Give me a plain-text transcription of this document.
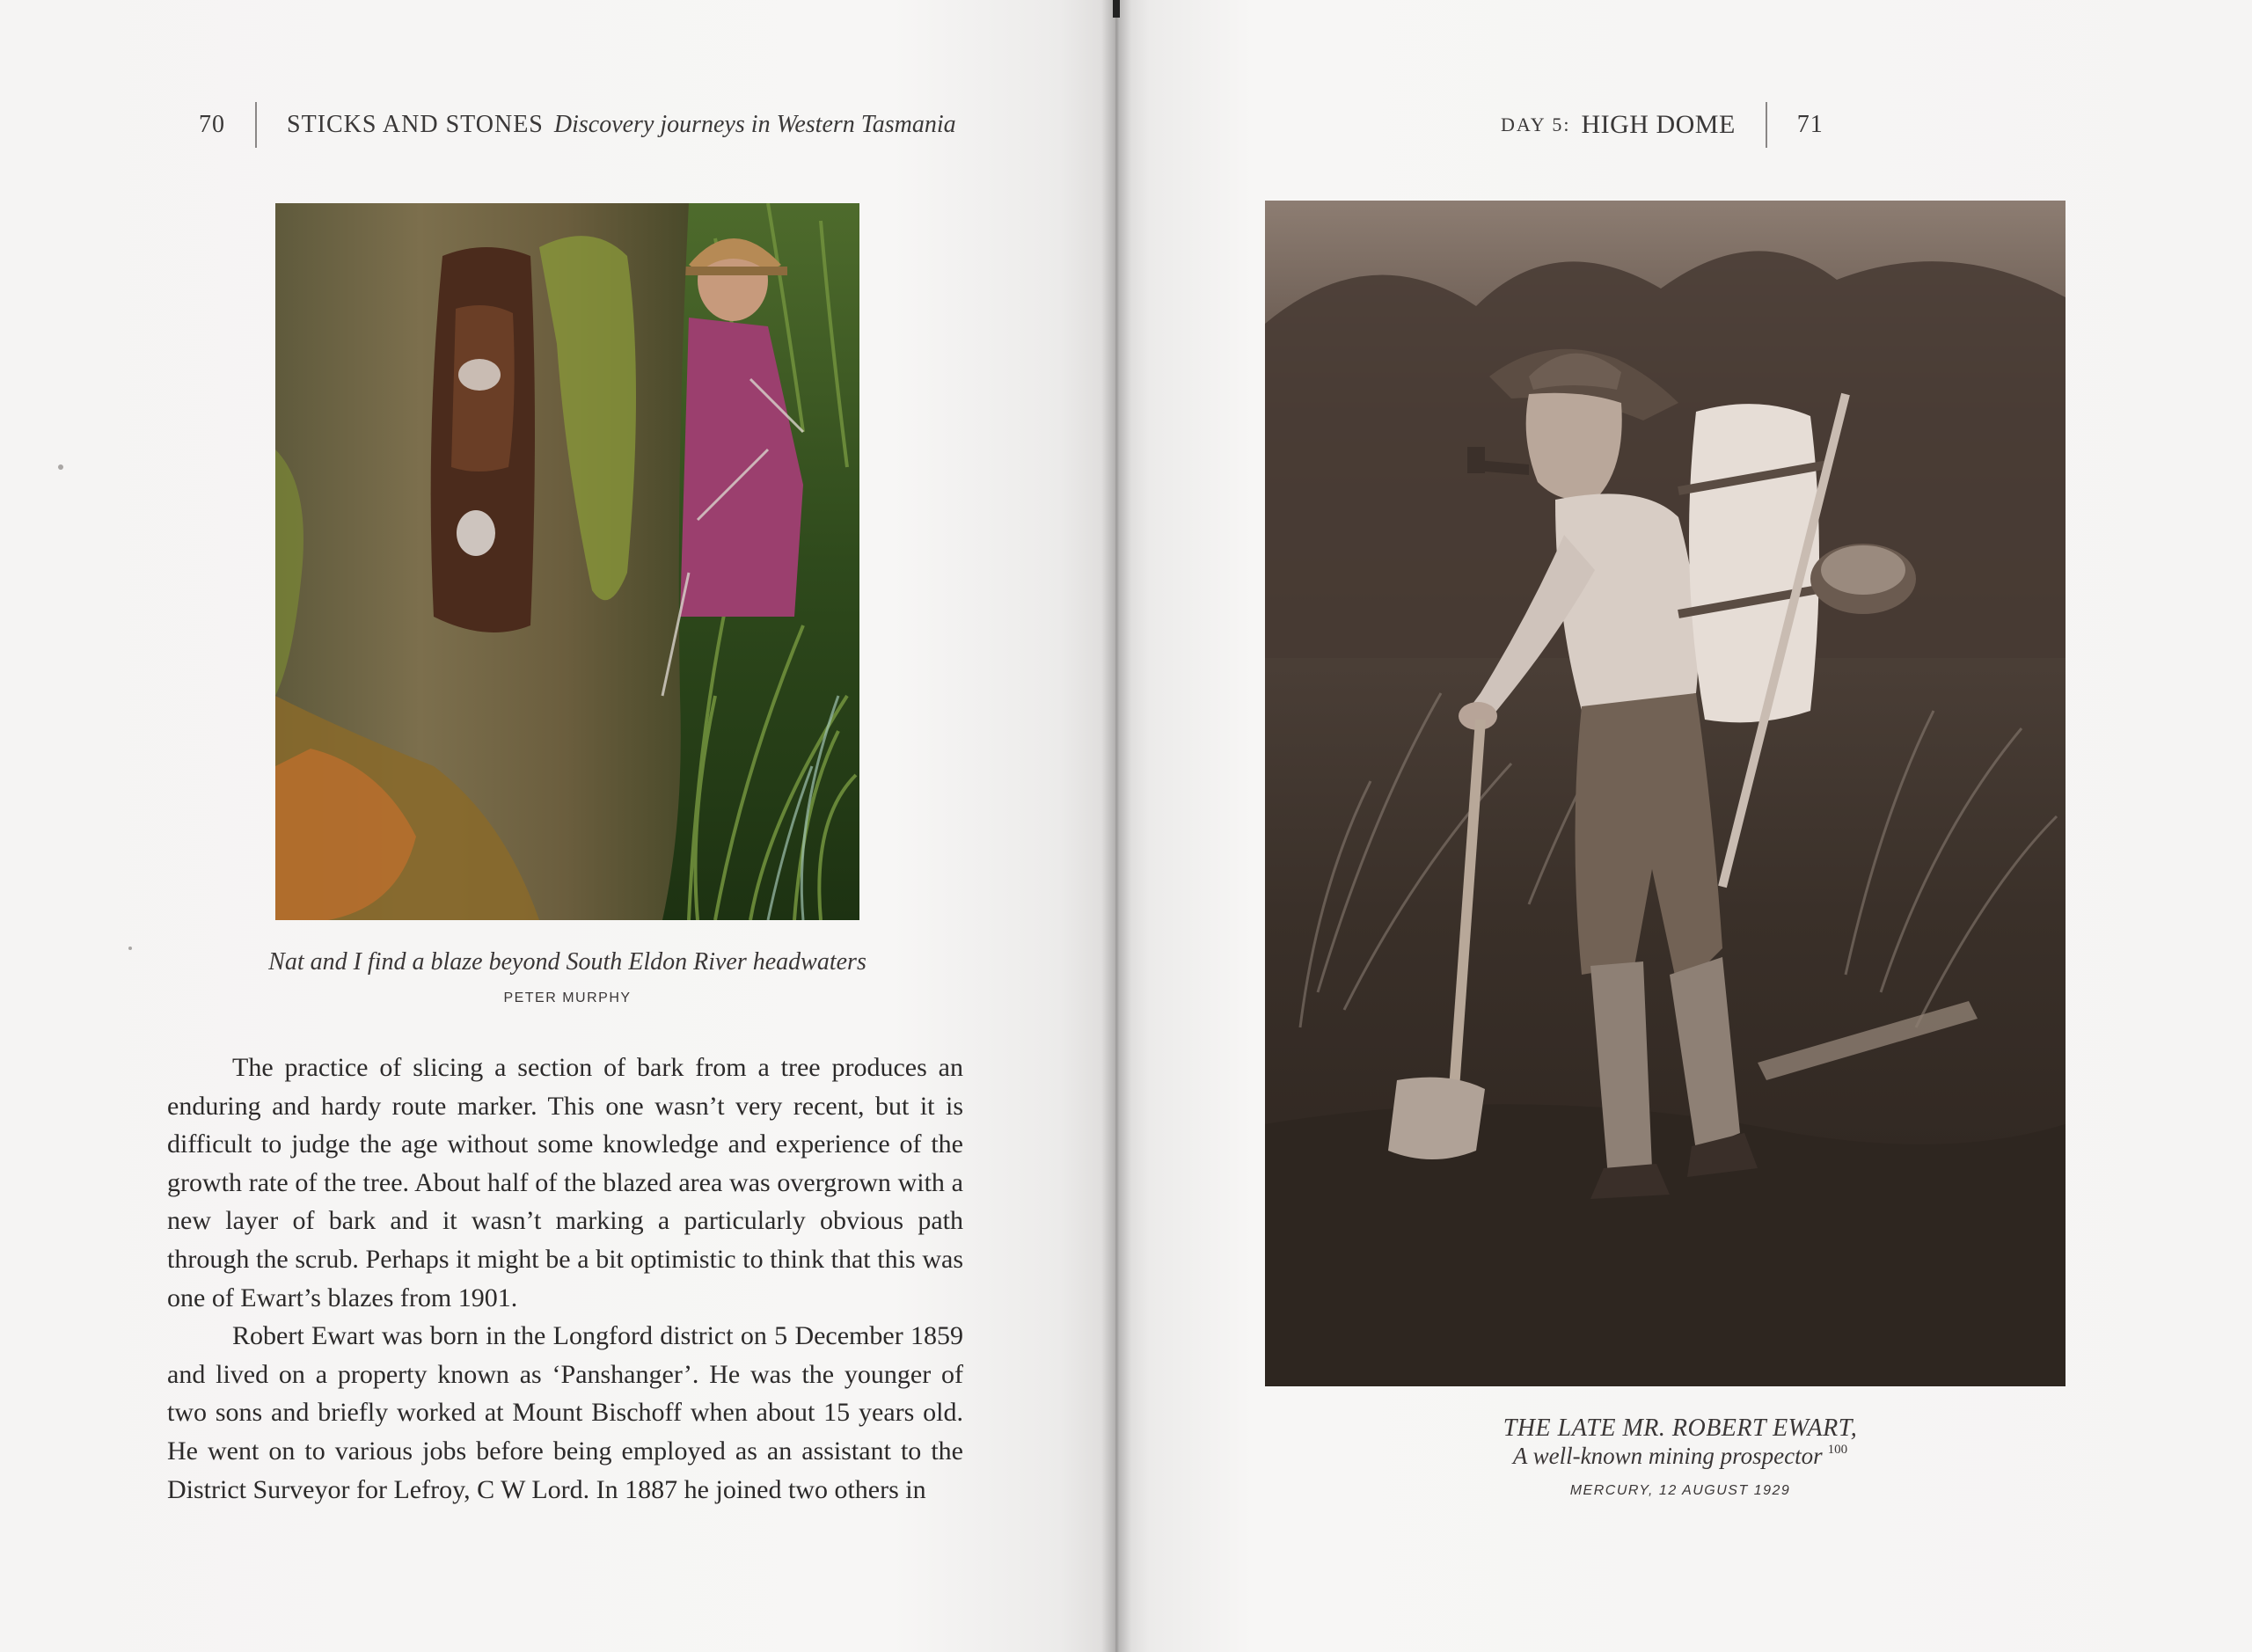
70	STICKS AND STONES Discovery journeys in Western Tasmania
Nat and I find a blaze beyond South Eldon River headwaters
PETER MURPHY

The practice of slicing a section of bark from a tree produces an enduring and hardy route marker. This one wasn’t very recent, but it is difficult to judge the age without some knowledge and experience of the growth rate of the tree. About half of the blazed area was overgrown with a new layer of bark and it wasn’t marking a particularly obvious path through the scrub. Perhaps it might be a bit optimistic to think that this was one of Ewart’s blazes from 1901.

Robert Ewart was born in the Longford district on 5 December 1859 and lived on a property known as ‘Panshanger’. He was the younger of two sons and briefly worked at Mount Bischoff when about 15 years old. He went on to various jobs before being employed as an assistant to the District Surveyor for Lefroy, C W Lord. In 1887 he joined two others in

DAY 5: HIGH DOME	71
THE LATE MR. ROBERT EWART,
A well-known mining prospector $^{100}$
MERCURY, 12 AUGUST 1929
